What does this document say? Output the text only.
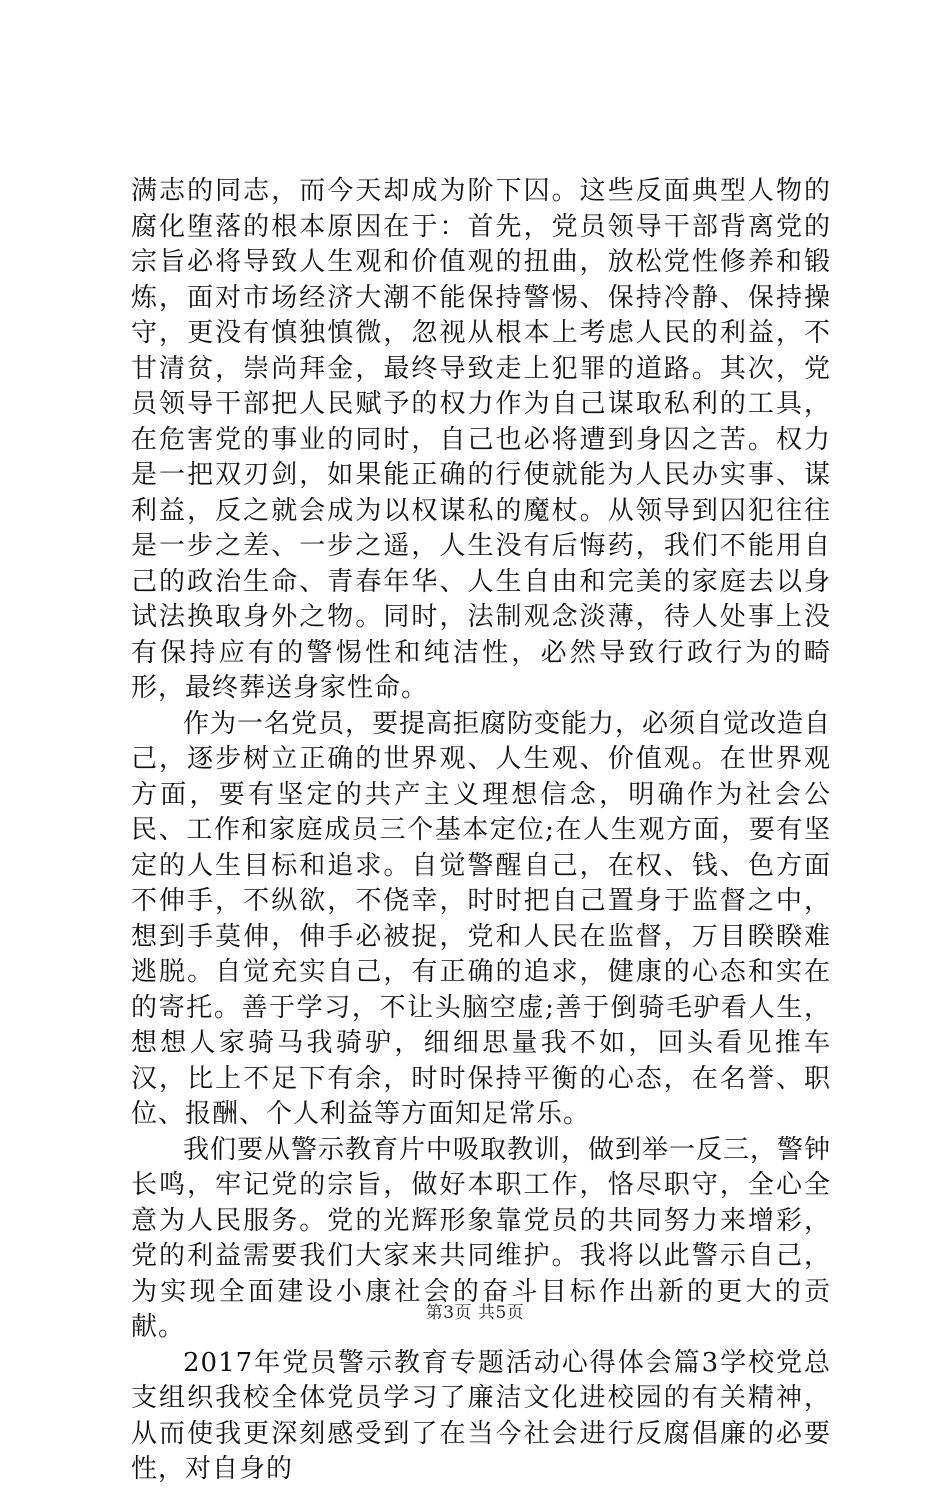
满志的同志，而今天却成为阶下囚。这些反面典型人物的腐化堕落的根本原因在于：首先，党员领导干部背离党的宗旨必将导致人生观和价值观的扭曲，放松党性修养和锻炼，面对市场经济大潮不能保持警惕、保持冷静、保持操守，更没有慎独慎微，忽视从根本上考虑人民的利益，不甘清贫，崇尚拜金，最终导致走上犯罪的道路。其次，党员领导干部把人民赋予的权力作为自己谋取私利的工具，在危害党的事业的同时，自己也必将遭到身囚之苦。权力是一把双刃剑，如果能正确的行使就能为人民办实事、谋利益，反之就会成为以权谋私的魔杖。从领导到囚犯往往是一步之差、一步之遥，人生没有后悔药，我们不能用自己的政治生命、青春年华、人生自由和完美的家庭去以身试法换取身外之物。同时，法制观念淡薄，待人处事上没有保持应有的警惕性和纯洁性，必然导致行政行为的畸形，最终葬送身家性命。

作为一名党员，要提高拒腐防变能力，必须自觉改造自己，逐步树立正确的世界观、人生观、价值观。在世界观方面，要有坚定的共产主义理想信念，明确作为社会公民、工作和家庭成员三个基本定位;在人生观方面，要有坚定的人生目标和追求。自觉警醒自己，在权、钱、色方面不伸手，不纵欲，不侥幸，时时把自己置身于监督之中，想到手莫伸，伸手必被捉，党和人民在监督，万目睽睽难逃脱。自觉充实自己，有正确的追求，健康的心态和实在的寄托。善于学习，不让头脑空虚;善于倒骑毛驴看人生，想想人家骑马我骑驴，细细思量我不如，回头看见推车汉，比上不足下有余，时时保持平衡的心态，在名誉、职位、报酬、个人利益等方面知足常乐。

我们要从警示教育片中吸取教训，做到举一反三，警钟长鸣，牢记党的宗旨，做好本职工作，恪尽职守，全心全意为人民服务。党的光辉形象靠党员的共同努力来增彩，党的利益需要我们大家来共同维护。我将以此警示自己，为实现全面建设小康社会的奋斗目标作出新的更大的贡献。

2017年党员警示教育专题活动心得体会篇3学校党总支组织我校全体党员学习了廉洁文化进校园的有关精神，从而使我更深刻感受到了在当今社会进行反腐倡廉的必要性，对自身的

第3页 共5页
